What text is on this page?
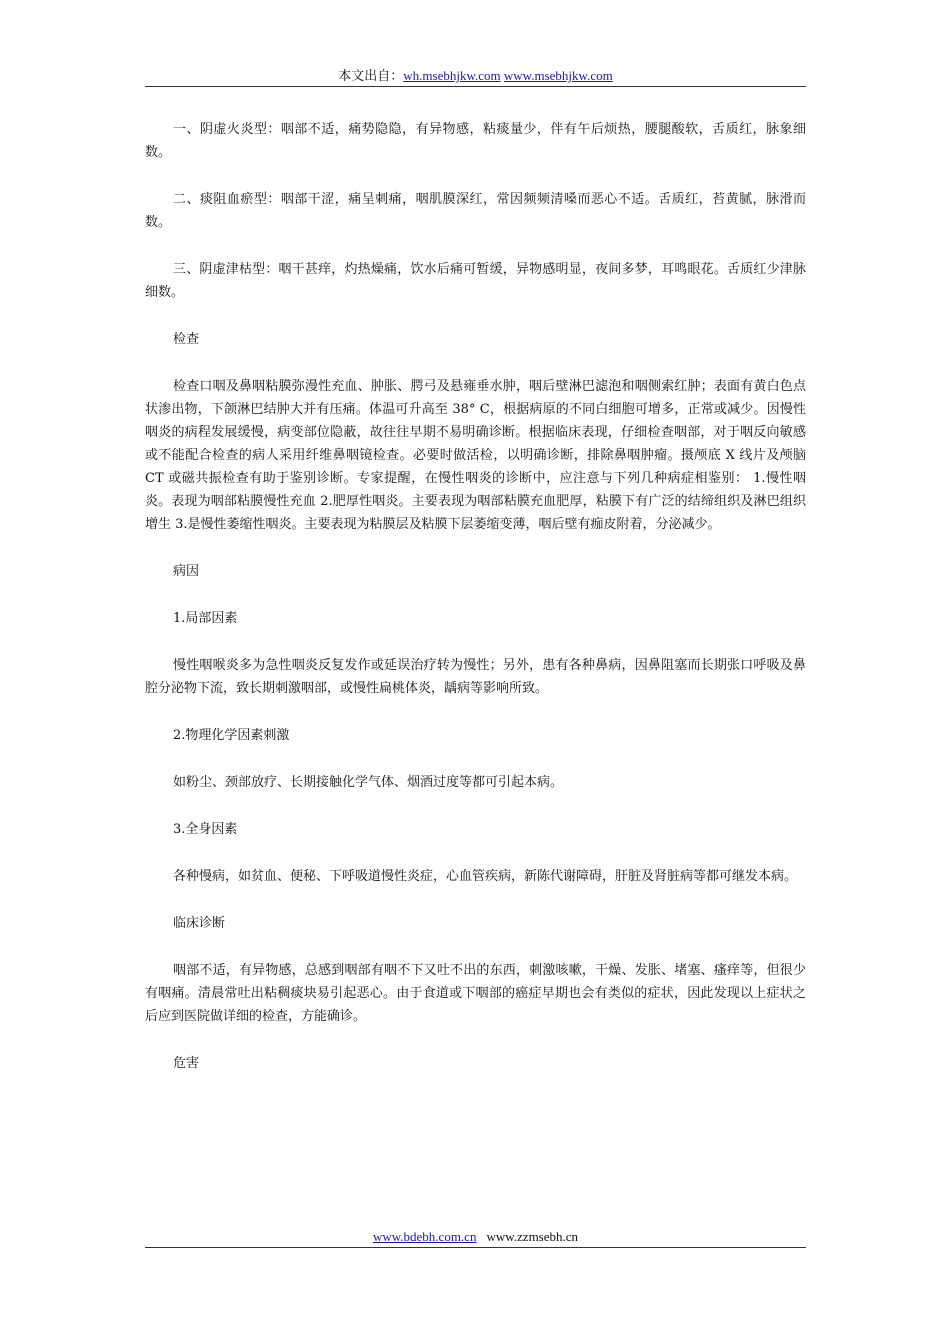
本文出自：wh.msebhjkw.com www.msebhjkw.com

一、阴虚火炎型：咽部不适，痛势隐隐，有异物感，粘痰量少，伴有午后烦热，腰腿酸软，舌质红，脉象细数。

二、痰阻血瘀型：咽部干涩，痛呈刺痛，咽肌膜深红，常因频频清嗓而恶心不适。舌质红，苔黄腻，脉滑而数。

三、阴虚津枯型：咽干甚痒，灼热燥痛，饮水后痛可暂缓，异物感明显，夜间多梦，耳鸣眼花。舌质红少津脉细数。

检查

检查口咽及鼻咽粘膜弥漫性充血、肿胀、腭弓及悬雍垂水肿，咽后壁淋巴滤泡和咽侧索红肿；表面有黄白色点状渗出物，下颌淋巴结肿大并有压痛。体温可升高至 38° C，根据病原的不同白细胞可增多，正常或减少。因慢性咽炎的病程发展缓慢，病变部位隐蔽，故往往早期不易明确诊断。根据临床表现，仔细检查咽部，对于咽反向敏感或不能配合检查的病人采用纤维鼻咽镜检查。必要时做活检，以明确诊断，排除鼻咽肿瘤。摄颅底 X 线片及颅脑 CT 或磁共振检查有助于鉴别诊断。专家提醒，在慢性咽炎的诊断中，应注意与下列几种病症相鉴别： 1.慢性咽炎。表现为咽部粘膜慢性充血 2.肥厚性咽炎。主要表现为咽部粘膜充血肥厚，粘膜下有广泛的结缔组织及淋巴组织增生 3.是慢性萎缩性咽炎。主要表现为粘膜层及粘膜下层萎缩变薄，咽后壁有痂皮附着，分泌减少。

病因

1.局部因素

慢性咽喉炎多为急性咽炎反复发作或延误治疗转为慢性；另外，患有各种鼻病，因鼻阻塞而长期张口呼吸及鼻腔分泌物下流，致长期刺激咽部，或慢性扁桃体炎，龋病等影响所致。

2.物理化学因素刺激

如粉尘、颈部放疗、长期接触化学气体、烟酒过度等都可引起本病。

3.全身因素

各种慢病，如贫血、便秘、下呼吸道慢性炎症，心血管疾病，新陈代谢障碍，肝脏及肾脏病等都可继发本病。

临床诊断

咽部不适，有异物感，总感到咽部有咽不下又吐不出的东西，刺激咳嗽，干燥、发胀、堵塞、瘙痒等，但很少有咽痛。清晨常吐出粘稠痰块易引起恶心。由于食道或下咽部的癌症早期也会有类似的症状，因此发现以上症状之后应到医院做详细的检查，方能确诊。

危害

www.bdebh.com.cn www.zzmsebh.cn
